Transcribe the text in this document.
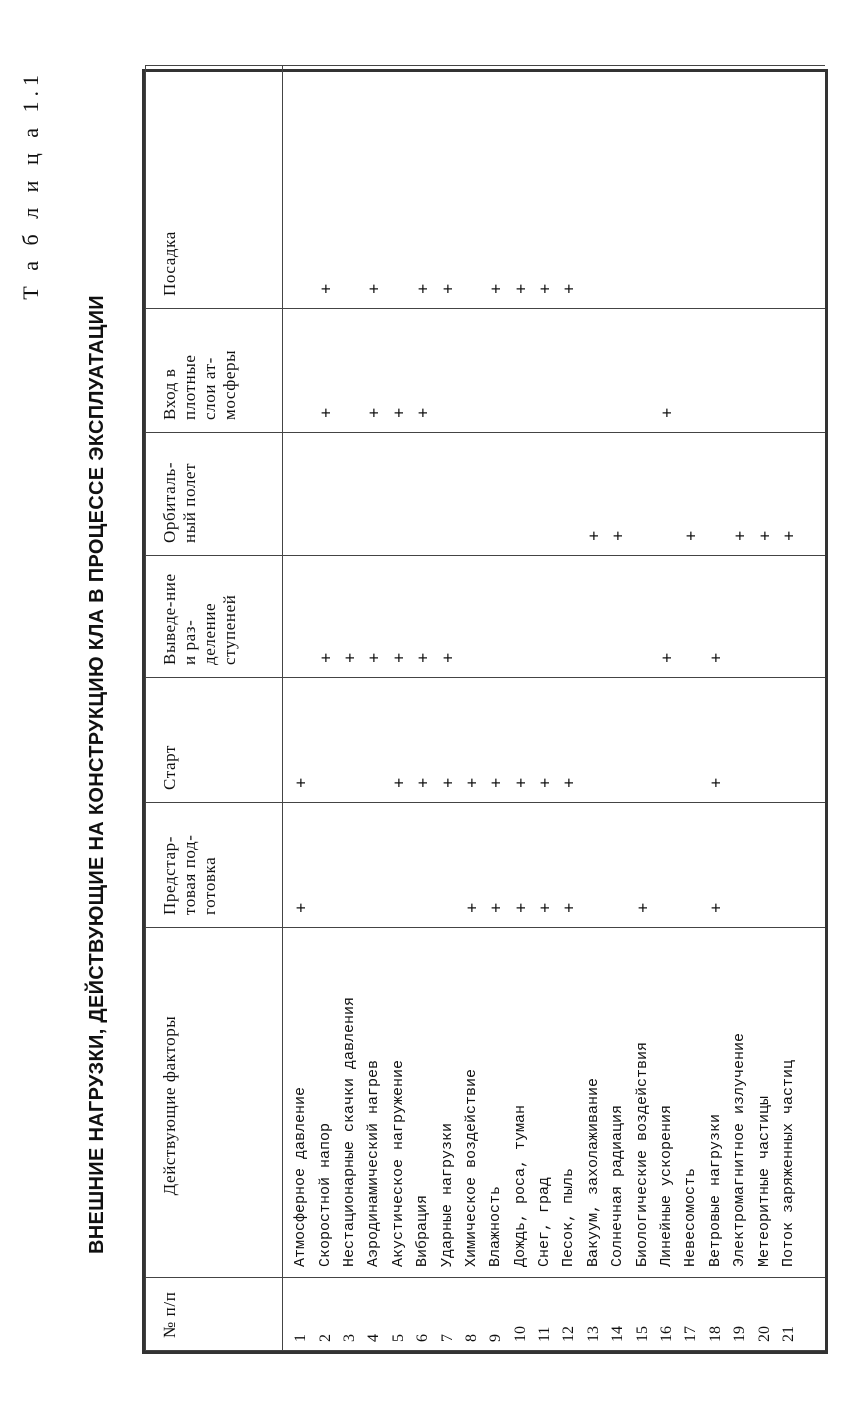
Т а б л и ц а 1.1
ВНЕШНИЕ НАГРУЗКИ, ДЕЙСТВУЮЩИЕ НА КОНСТРУКЦИЮ КЛА В ПРОЦЕССЕ ЭКСПЛУАТАЦИИ
№ п/п	Действующие факторы	Предстар-товая под-готовка	Старт	Выведе-ние и раз-деление ступеней	Орбиталь-ный полет	Вход в плотные слои ат-мосферы	Посадка
1	Атмосферное давление	+	+				
2	Скоростной напор			+		+	+
3	Нестационарные скачки давления			+			
4	Аэродинамический нагрев			+		+	+
5	Акустическое нагружение		+	+		+	
6	Вибрация		+	+		+	+
7	Ударные нагрузки		+	+			+
8	Химическое воздействие	+	+				
9	Влажность	+	+				+
10	Дождь, роса, туман	+	+				+
11	Снег, град	+	+				+
12	Песок, пыль	+	+				+
13	Вакуум, захолаживание				+		
14	Солнечная радиация				+		
15	Биологические воздействия	+					
16	Линейные ускорения			+		+	
17	Невесомость				+		
18	Ветровые нагрузки	+	+	+			
19	Электромагнитное излучение				+		
20	Метеоритные частицы				+		
21	Поток заряженных частиц				+		
